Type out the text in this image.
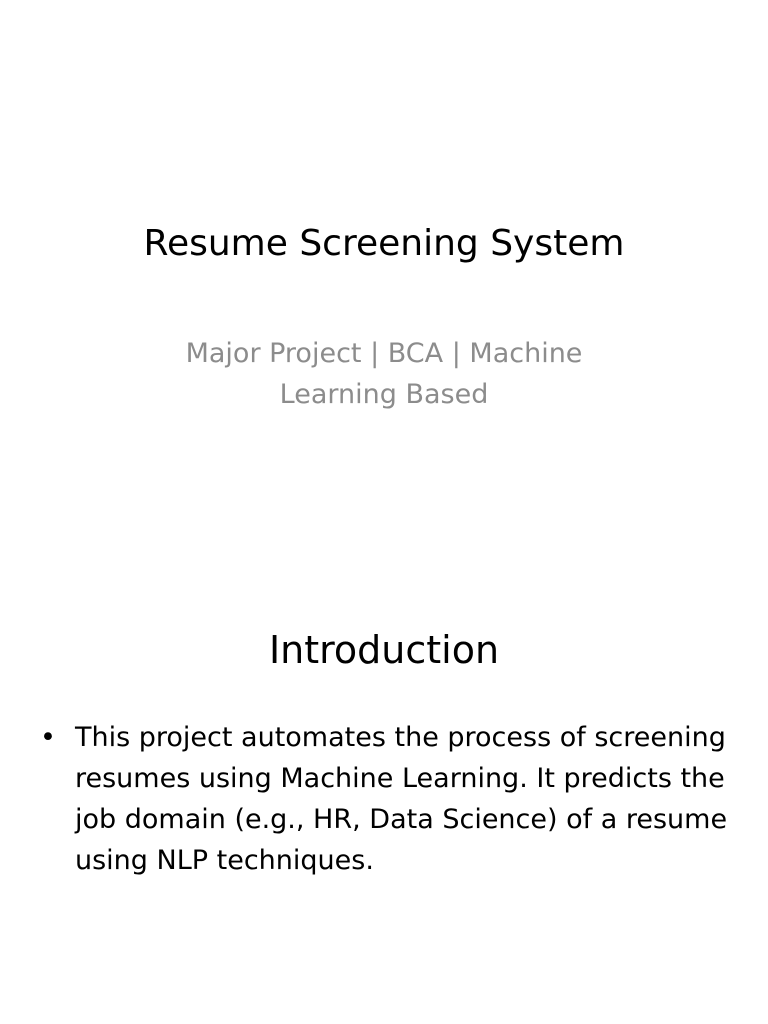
Resume Screening System

Major Project | BCA | Machine Learning Based

Introduction
• This project automates the process of screening resumes using Machine Learning. It predicts the job domain (e.g., HR, Data Science) of a resume using NLP techniques.
